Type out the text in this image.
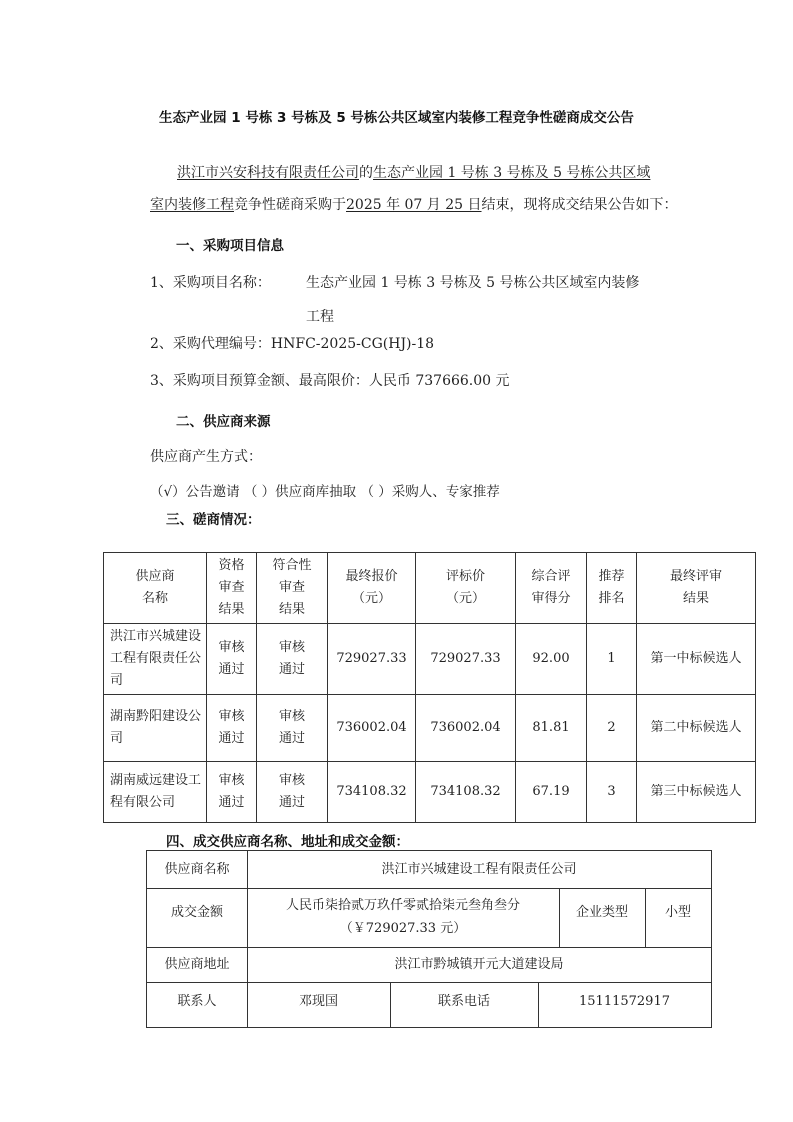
生态产业园 1 号栋 3 号栋及 5 号栋公共区域室内装修工程竞争性磋商成交公告
洪江市兴安科技有限责任公司的生态产业园 1 号栋 3 号栋及 5 号栋公共区域
室内装修工程竞争性磋商采购于2025 年 07 月 25 日结束，现将成交结果公告如下：
一、采购项目信息
1、采购项目名称：	生态产业园 1 号栋 3 号栋及 5 号栋公共区域室内装修
工程
2、采购代理编号：HNFC-2025-CG(HJ)-18
3、采购项目预算金额、最高限价：人民币 737666.00 元
二、供应商来源
供应商产生方式：
（√）公告邀请 （ ）供应商库抽取 （ ）采购人、专家推荐
三、磋商情况：
供应商
名称	资格
审查
结果	符合性
审查
结果	最终报价
（元）	评标价
（元）	综合评
审得分	推荐
排名	最终评审
结果
洪江市兴城建设工程有限责任公司	审核
通过	审核
通过	729027.33	729027.33	92.00	1	第一中标候选人
湖南黔阳建设公司	审核
通过	审核
通过	736002.04	736002.04	81.81	2	第二中标候选人
湖南威远建设工程有限公司	审核
通过	审核
通过	734108.32	734108.32	67.19	3	第三中标候选人
四、成交供应商名称、地址和成交金额：
供应商名称	洪江市兴城建设工程有限责任公司
成交金额	人民币柒拾贰万玖仟零贰拾柒元叁角叁分
（￥729027.33 元）
企业类型	小型
供应商地址	洪江市黔城镇开元大道建设局
联系人	邓现国	联系电话	15111572917
